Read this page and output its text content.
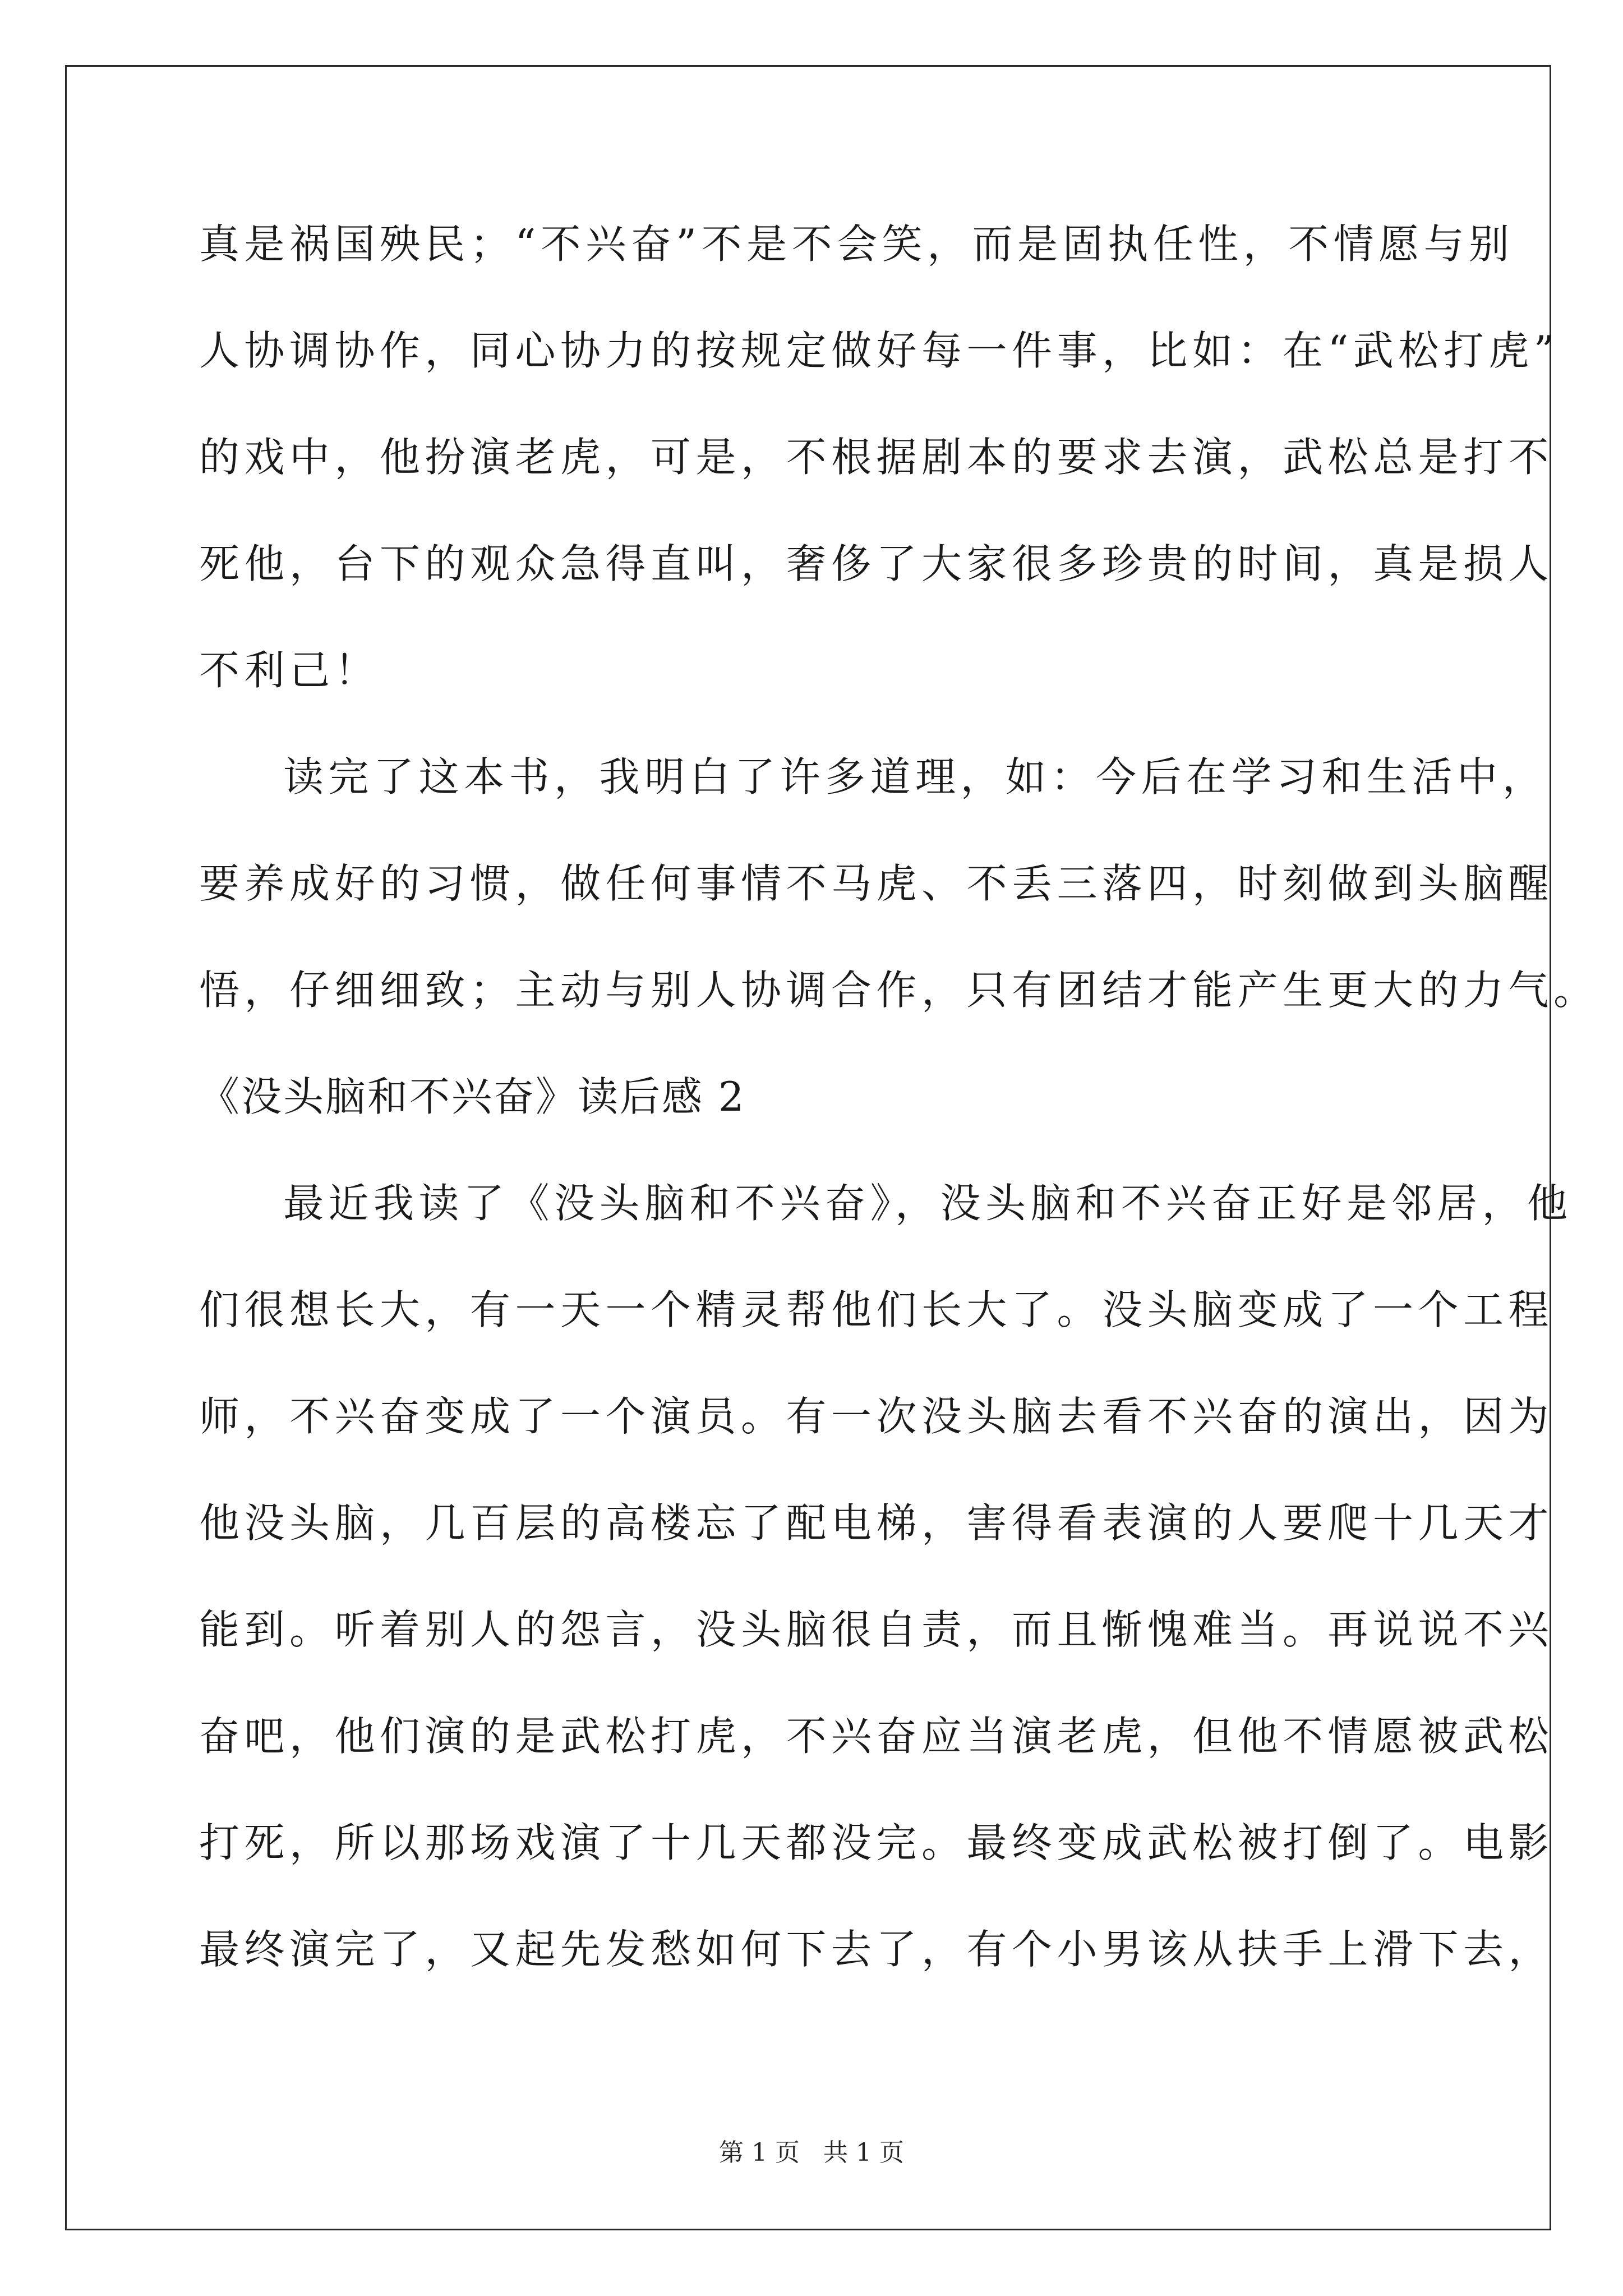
真是祸国殃民；“不兴奋”不是不会笑，而是固执任性，不情愿与别
人协调协作，同心协力的按规定做好每一件事，比如：在“武松打虎”
的戏中，他扮演老虎，可是，不根据剧本的要求去演，武松总是打不
死他，台下的观众急得直叫，奢侈了大家很多珍贵的时间，真是损人
不利己！
读完了这本书，我明白了许多道理，如：今后在学习和生活中，
要养成好的习惯，做任何事情不马虎、不丢三落四，时刻做到头脑醒
悟，仔细细致；主动与别人协调合作，只有团结才能产生更大的力气。
《没头脑和不兴奋》读后感 2
最近我读了《没头脑和不兴奋》，没头脑和不兴奋正好是邻居，他
们很想长大，有一天一个精灵帮他们长大了。没头脑变成了一个工程
师，不兴奋变成了一个演员。有一次没头脑去看不兴奋的演出，因为
他没头脑，几百层的高楼忘了配电梯，害得看表演的人要爬十几天才
能到。听着别人的怨言，没头脑很自责，而且惭愧难当。再说说不兴
奋吧，他们演的是武松打虎，不兴奋应当演老虎，但他不情愿被武松
打死，所以那场戏演了十几天都没完。最终变成武松被打倒了。电影
最终演完了，又起先发愁如何下去了，有个小男该从扶手上滑下去，
第 1 页 共 1 页
